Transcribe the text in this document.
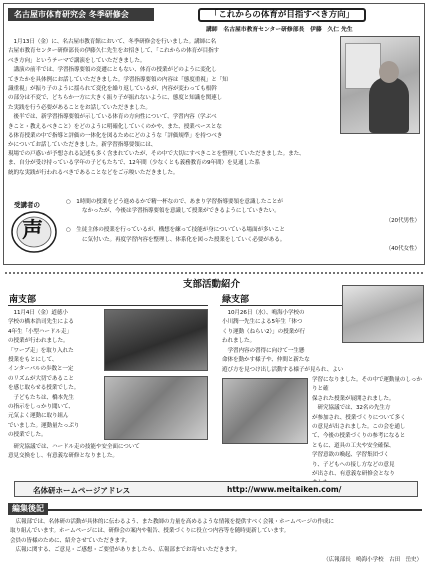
名古屋市体育研究会 冬季研修会	「これからの体育が目指すべき方向」
講師　名古屋市教育センター研修部長　伊藤　久仁 先生
　1月13日（金）に、名古屋市教育館において、冬季研修会を行いました。講師に名
古屋市教育センター研修部長の伊藤久仁先生をお招きして、「これからの体育が目指す
べき方向」というテーマで講演をしていただきました。
　講演の前半では、学習指導要領の変遷にともない、体育の授業がどのように変化し
てきたかを具体例にお話していただきました。学習指導要領の内容は「態度重視」と「知
識重視」が振り子のように揺られて変化を繰り返しているが、内容が変わっても根幹
の部分は不変で、どちらか一方に大きく振り子が振れないように、態度と知識を関連し
た実践を行う必要があることをお話していただきました。
　後半では、新学習指導要領が示している体育の方向性について、学習内容（学ぶべ
きこと・教えるべきこと）をどのように明確化していくのかや、また、授業ベースとな
る体育授業の中で指導と評価の一体化を図るためにどのような「評価規準」を持つべき
かについてお話していただきました。新学習指導要領には、
現場での戸惑いが予想される記述も多く含まれていたが、その中で大切にすべきことを整理していただきました。また、
ま、自分が受け持っている学年の子どもたちで、12年間（少なくとも義務教育の9年間）を見通した系
統的な実践が行われるべきであることなどをご示唆いただきました。
受講者の
声
○　1時間の授業をどう進めるかで精一杯なので、あまり学習指導要領を意識したことが
なかったが、今後は学習指導要領を意識して授業ができるようにしていきたい。
（20代男性）
○　生徒主体の授業を行っているが、構想を練って技能が身についている場面が多いこと
に気付いた。再度学習内容を整理し、体系化を図った授業をしていく必要がある。
（40代女性）
支部活動紹介
南支部
　11月4日（金）道徳小
学校の橋本浩司先生による
4年生「小型ハードル走」
の授業が行われました。
「ワープ走」を取り入れた
授業をもとにして、
インターバルの歩数と一定
のリズムが大切であること
を感じ取らせる授業でした。
　子どもたちは、橋本先生
の指示をしっかり聞いて、
元気よく運動に取り組ん
でいました。運動量たっぷり
の授業でした。
　研究協議では、ハードル走の技能や安全面について
意見交換をし、有意義な研修となりました。
緑支部
　10月26日（水）、鳴海小学校の
小川潤一先生による5年生「体つ
くり運動（ねらい2）」の授業が行
われました。
　学習内容の習得に向けて一生懸
命体を動かす様子や、仲間と新たな
遊び方を見つけ出し活動する様子が見られ、よい
学習になりました。その中で運動量のしっかりと確
保された授業が展開されました。
　研究協議では、32名の先生方
が参加され、授業づくりについて多く
の意見が出されました。この会を通し
て、今後の授業づくりの参考になると
ともに、道具の工夫や安全確保、
学習意欲の喚起、学習集団づく
り、子どもへの接し方などの意見
が出され、有意義な研修会となり
名体研ホームページアドレス	http://www.meitaiken.com/
編集後記
　広報部では、名体研の活動が具体的に伝わるよう、また教師の力量を高めるような情報を提供すべく会報・ホームページの作成に
取り組んでいます。ホームページには、研修会の案内や報告、授業づくりに役立つ内容等を随時更新しています。
会員の皆様のために、紹介させていただきます。
　広報に関する、ご意見・ご感想・ご要望がありましたら、広報部までお寄せいただきます。
（広報部長　鳴海小学校　古田　岳史）
